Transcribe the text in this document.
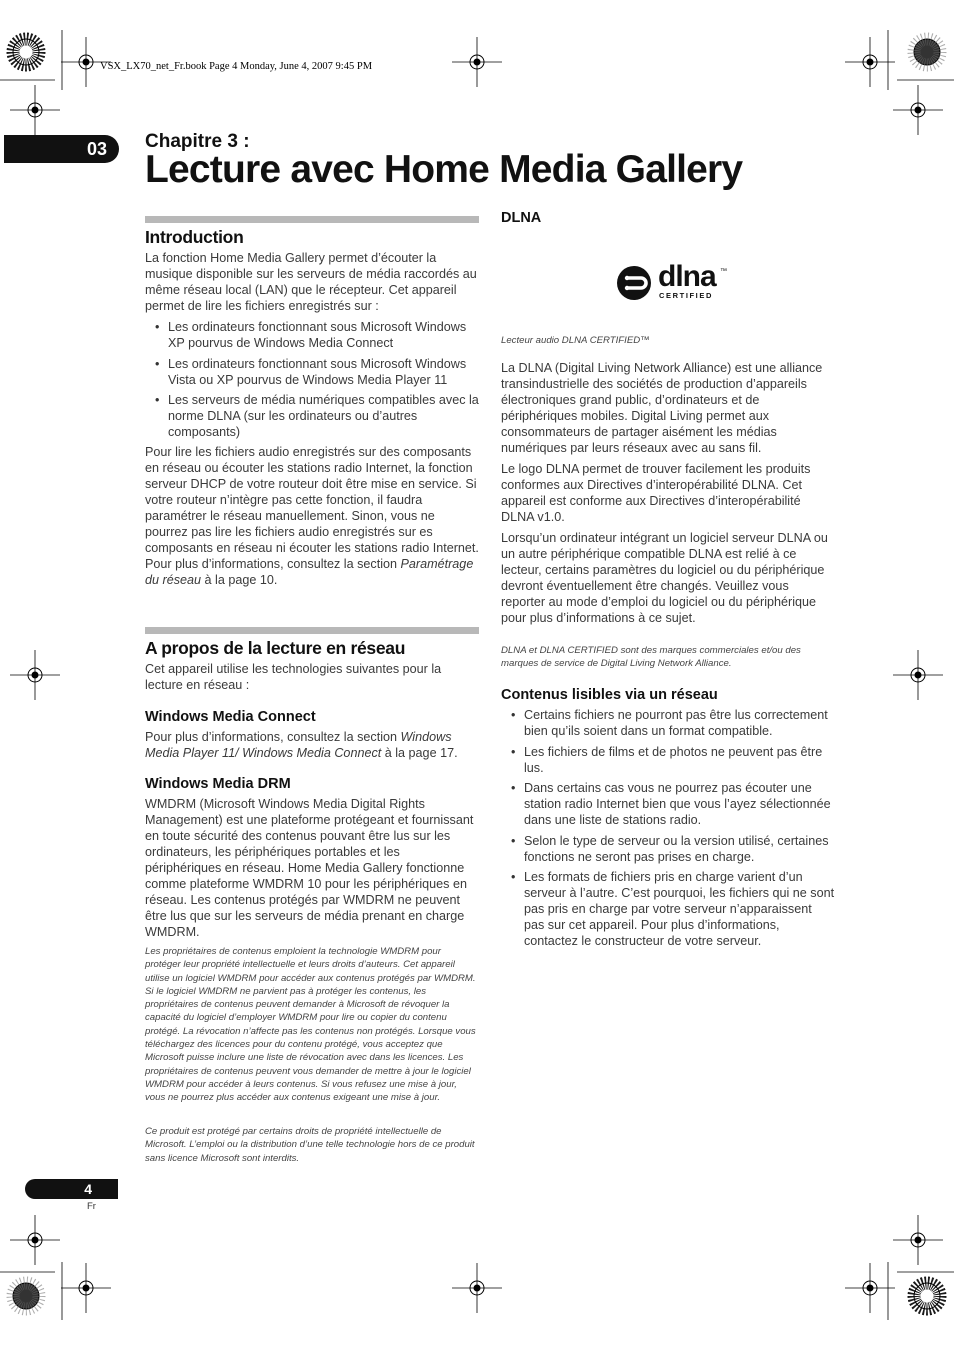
VSX_LX70_net_Fr.book Page 4 Monday, June 4, 2007 9:45 PM
03	Chapitre 3 :
Lecture avec Home Media Gallery
Introduction

La fonction Home Media Gallery permet d’écouter la musique disponible sur les serveurs de média raccordés au même réseau local (LAN) que le récepteur. Cet appareil permet de lire les fichiers enregistrés sur :

• Les ordinateurs fonctionnant sous Microsoft Windows XP pourvus de Windows Media Connect
• Les ordinateurs fonctionnant sous Microsoft Windows Vista ou XP pourvus de Windows Media Player 11
• Les serveurs de média numériques compatibles avec la norme DLNA (sur les ordinateurs ou d’autres composants)

Pour lire les fichiers audio enregistrés sur des composants en réseau ou écouter les stations radio Internet, la fonction serveur DHCP de votre routeur doit être mise en service. Si votre routeur n’intègre pas cette fonction, il faudra paramétrer le réseau manuellement. Sinon, vous ne pourrez pas lire les fichiers audio enregistrés sur es composants en réseau ni écouter les stations radio Internet. Pour plus d’informations, consultez la section Paramétrage du réseau à la page 10.

A propos de la lecture en réseau

Cet appareil utilise les technologies suivantes pour la lecture en réseau :

Windows Media Connect

Pour plus d’informations, consultez la section Windows Media Player 11/ Windows Media Connect à la page 17.

Windows Media DRM

WMDRM (Microsoft Windows Media Digital Rights Management) est une plateforme protégeant et fournissant en toute sécurité des contenus pouvant être lus sur les ordinateurs, les périphériques portables et les périphériques en réseau. Home Media Gallery fonctionne comme plateforme WMDRM 10 pour les périphériques en réseau. Les contenus protégés par WMDRM ne peuvent être lus que sur les serveurs de média prenant en charge WMDRM.

Les propriétaires de contenus emploient la technologie WMDRM pour protéger leur propriété intellectuelle et leurs droits d’auteurs. Cet appareil utilise un logiciel WMDRM pour accéder aux contenus protégés par WMDRM. Si le logiciel WMDRM ne parvient pas à protéger les contenus, les propriétaires de contenus peuvent demander à Microsoft de révoquer la capacité du logiciel d’employer WMDRM pour lire ou copier du contenu protégé. La révocation n’affecte pas les contenus non protégés. Lorsque vous téléchargez des licences pour du contenu protégé, vous acceptez que Microsoft puisse inclure une liste de révocation avec dans les licences. Les propriétaires de contenus peuvent vous demander de mettre à jour le logiciel WMDRM pour accéder à leurs contenus. Si vous refusez une mise à jour, vous ne pourrez plus accéder aux contenus exigeant une mise à jour.

Ce produit est protégé par certains droits de propriété intellectuelle de Microsoft. L’emploi ou la distribution d’une telle technologie hors de ce produit sans licence Microsoft sont interdits.

DLNA
dlna ™
CERTIFIED

Lecteur audio DLNA CERTIFIED™

La DLNA (Digital Living Network Alliance) est une alliance transindustrielle des sociétés de production d’appareils électroniques grand public, d’ordinateurs et de périphériques mobiles. Digital Living permet aux consommateurs de partager aisément les médias numériques par leurs réseaux avec au sans fil.

Le logo DLNA permet de trouver facilement les produits conformes aux Directives d’interopérabilité DLNA. Cet appareil est conforme aux Directives d’interopérabilité DLNA v1.0.

Lorsqu’un ordinateur intégrant un logiciel serveur DLNA ou un autre périphérique compatible DLNA est relié à ce lecteur, certains paramètres du logiciel ou du périphérique devront éventuellement être changés. Veuillez vous reporter au mode d’emploi du logiciel ou du périphérique pour plus d’informations à ce sujet.

DLNA et DLNA CERTIFIED sont des marques commerciales et/ou des marques de service de Digital Living Network Alliance.

Contenus lisibles via un réseau
• Certains fichiers ne pourront pas être lus correctement bien qu’ils soient dans un format compatible.
• Les fichiers de films et de photos ne peuvent pas être lus.
• Dans certains cas vous ne pourrez pas écouter une station radio Internet bien que vous l’ayez sélectionnée dans une liste de stations radio.
• Selon le type de serveur ou la version utilisé, certaines fonctions ne seront pas prises en charge.
• Les formats de fichiers pris en charge varient d’un serveur à l’autre. C’est pourquoi, les fichiers qui ne sont pas pris en charge par votre serveur n’apparaissent pas sur cet appareil. Pour plus d’informations, contactez le constructeur de votre serveur.
4
Fr
